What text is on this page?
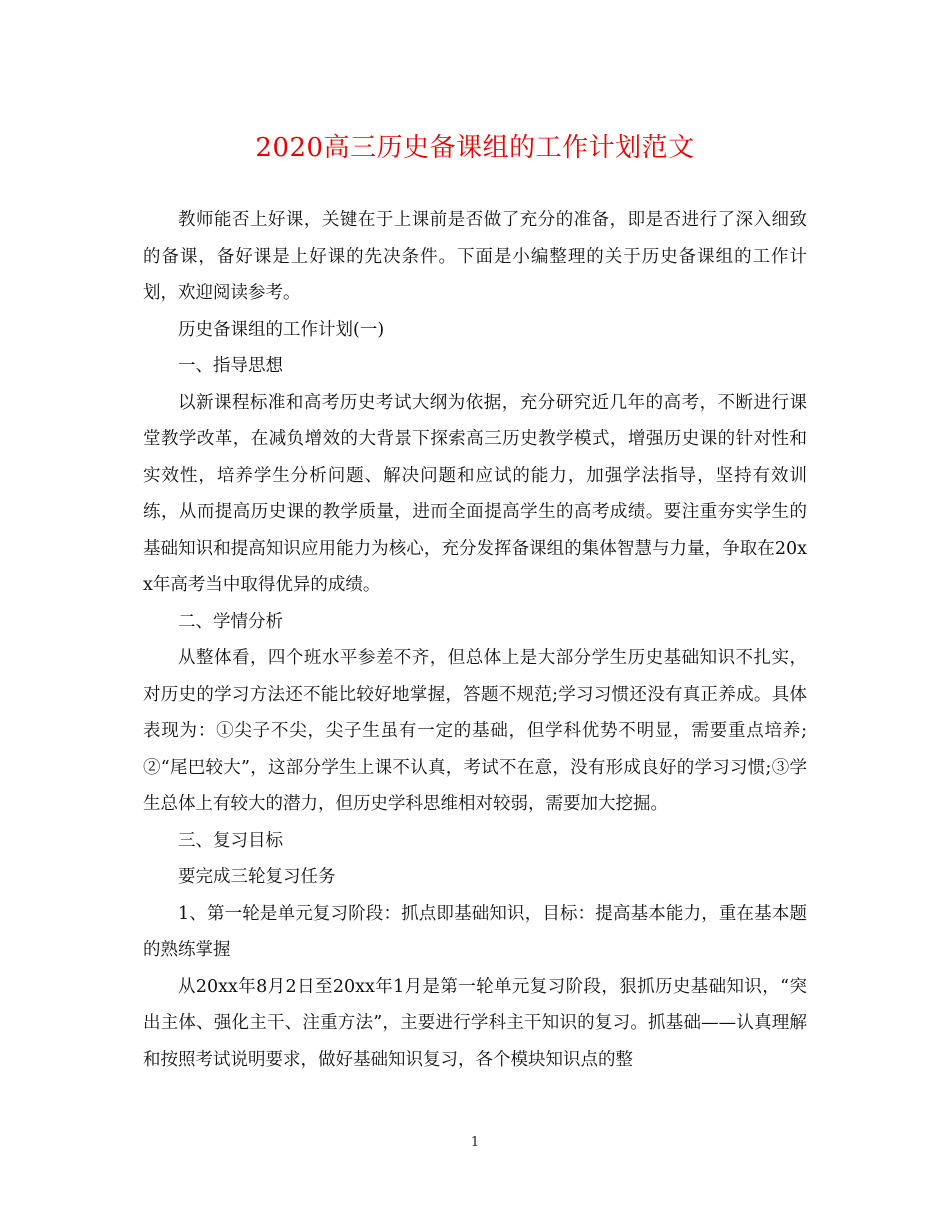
2020高三历史备课组的工作计划范文

教师能否上好课，关键在于上课前是否做了充分的准备，即是否进行了深入细致的备课，备好课是上好课的先决条件。下面是小编整理的关于历史备课组的工作计划，欢迎阅读参考。

历史备课组的工作计划(一)

一、指导思想

以新课程标准和高考历史考试大纲为依据，充分研究近几年的高考，不断进行课堂教学改革，在减负增效的大背景下探索高三历史教学模式，增强历史课的针对性和实效性，培养学生分析问题、解决问题和应试的能力，加强学法指导，坚持有效训练，从而提高历史课的教学质量，进而全面提高学生的高考成绩。要注重夯实学生的基础知识和提高知识应用能力为核心，充分发挥备课组的集体智慧与力量，争取在20xx年高考当中取得优异的成绩。

二、学情分析

从整体看，四个班水平参差不齐，但总体上是大部分学生历史基础知识不扎实，对历史的学习方法还不能比较好地掌握，答题不规范;学习习惯还没有真正养成。具体表现为：①尖子不尖，尖子生虽有一定的基础，但学科优势不明显，需要重点培养;②“尾巴较大”，这部分学生上课不认真，考试不在意，没有形成良好的学习习惯;③学生总体上有较大的潜力，但历史学科思维相对较弱，需要加大挖掘。

三、复习目标

要完成三轮复习任务

1、第一轮是单元复习阶段：抓点即基础知识，目标：提高基本能力，重在基本题的熟练掌握

从20xx年8月2日至20xx年1月是第一轮单元复习阶段，狠抓历史基础知识，“突出主体、强化主干、注重方法”，主要进行学科主干知识的复习。抓基础——认真理解和按照考试说明要求，做好基础知识复习，各个模块知识点的整

1
